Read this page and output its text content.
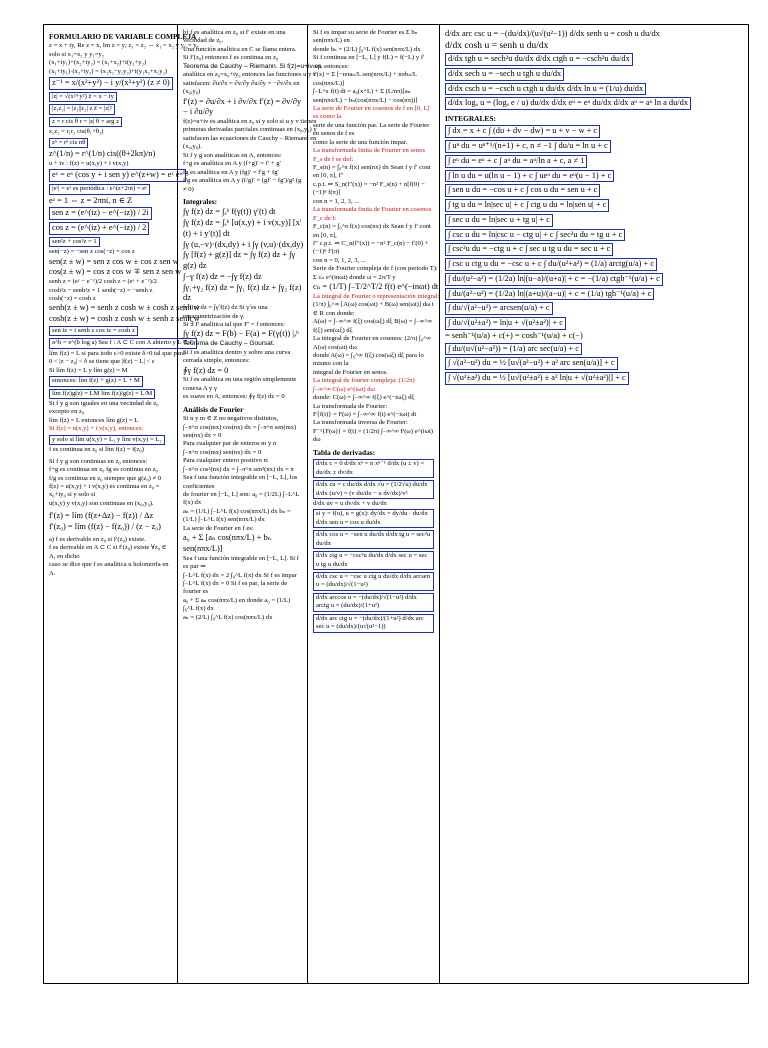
FORMULARIO DE VARIABLE COMPLEJA
z = x + iy, Re z = x, Im z = y; z₁ = z₂ ⇔ x₁ = x₂ y y₁ = y₂
solo si x₁=x₂ y y₁=y₂
(x₁+iy₁)+(x₂+iy₂) = (x₁+x₂)+i(y₁+y₂)
(x₁+iy₁)·(x₂+iy₂) = (x₁x₂−y₁y₂)+i(y₁x₂+x₁y₂)
z⁻¹ = x/(x²+y²) − i y/(x²+y²) (z ≠ 0)
|z| = √(x²+y²) z̄ = x − iy
|z₁z₂| = |z₁||z₂| z z̄ = |z|²
z = r cis θ r = |z| θ = arg z
z₁z₂ = r₁r₂ cis(θ₁+θ₂)
zⁿ = rⁿ cis nθ
z^(1/n) = r^(1/n) cis((θ+2kπ)/n)
u + iv : f(z) = u(x,y) + i v(x,y)
eᶻ = eˣ (cos y + i sen y) e^(z+w) = eᶻ eʷ
|eᶻ| = eˣ es periódica : e^(z+2πi) = eᶻ
eᶻ = 1 ⇔ z = 2πni, n ∈ Z
sen z = (e^(iz) − e^(−iz)) / 2i
cos z = (e^(iz) + e^(−iz)) / 2
sen²z + cos²z = 1
sen(−z) = −sen z cos(−z) = cos z
sen(z ± w) = sen z cos w ± cos z sen w
cos(z ± w) = cos z cos w ∓ sen z sen w
senh z = (eᶻ − e⁻ᶻ)/2 cosh z = (eᶻ + e⁻ᶻ)/2
cosh²z − senh²z = 1 senh(−z) = −senh z
cosh(−z) = cosh z
senh(z ± w) = senh z cosh w ± cosh z senh w
cosh(z ± w) = cosh z cosh w ± senh z senh w
sen iz = i senh z cos iz = cosh z
a^b = e^(b log a) Sea f : A ⊂ C con A abierto y L ∈ C
lím f(z) = L si para todo ε>0 existe δ>0 tal que para
0 < |z − z₀| < δ se tiene que |f(z) − L| < ε
Si lím f(z) = L y lím g(z) = M
entonces: lím f(z) + g(z) = L + M
lím f(z)g(z) = LM lím f(z)/g(z) = L/M
Si f y g son iguales en una vecindad de z₀ excepto en z₀
lím f(z) = L entonces lím g(z) = L
Si f(z) = u(x,y) + i v(x,y), entonces:
y solo si lím u(x,y) = L₁ y lím v(x,y) = L₂
f es continua en z₀ si lím f(z) = f(z₀)
Si f y g son continuas en z₀ entonces:
f+g es continua en z₀ fg es continua en z₀
f/g es continua en z₀ siempre que g(z₀) ≠ 0
f(z) = u(x,y) + i v(x,y) es continua en z₀ = x₀+iy₀ si y solo si
u(x,y) y v(x,y) son continuas en (x₀,y₀).
f′(z) = lím (f(z+Δz) − f(z)) / Δz
f′(z₀) = lím (f(z) − f(z₀)) / (z − z₀)
a) f es derivable en z₀ si f′(z₀) existe.
f es derivable en A ⊂ C si f′(z₀) existe ∀z₀ ∈ A, en dicho
caso se dice que f es analítica u holomorfa en A.
b) f es analítica en z₀ si f′ existe en una vecindad de z₀.
Una función analítica en C se llama entera.
Si f′(z₀) entonces f es continua en z₀
Teorema de Cauchy – Riemann. Si f(z)=u+iv es
analítica en z₀=x₀+iy₀ entonces las funciones u y v
satisfacen: ∂u/∂x = ∂v/∂y ∂u/∂y = −∂v/∂x en (x₀,y₀)
f′(z) = ∂u/∂x + i ∂v/∂x f′(z) = ∂v/∂y − i ∂u/∂y
f(z)=u+iv es analítica en z₀ si y solo si u y v tienen
primeras derivadas parciales continuas en (x₀,y₀) y
satisfacen las ecuaciones de Cauchy – Riemann en
(x₀,y₀).
Si f y g son analíticas en A, entonces:
f+g es analítica en A y (f+g)′ = f′ + g′
fg es analítica en A y (fg)′ = f′g + fg′
f/g es analítica en A y (f/g)′ = (gf′ − fg′)/g² (g ≠ 0)
Integrales:
∫γ f(z) dz = ∫ₐᵇ f(γ(t)) γ′(t) dt
∫γ f(z) dz = ∫ₐᵇ [u(x,y) + i v(x,y)] [x′(t) + i y′(t)] dt
∫γ (u,−v)·(dx,dy) + i ∫γ (v,u)·(dx,dy)
∫γ [f(z) + g(z)] dz = ∫γ f(z) dz + ∫γ g(z) dz
∫−γ f(z) dz = −∫γ f(z) dz
∫γ₁+γ₂ f(z) dz = ∫γ₁ f(z) dz + ∫γ₂ f(z) dz
∫γ f(z) dz = ∫γ̃ f(z) dz Si γ̃ es una reparametrización de γ.
Si ∃ F analítica tal que F′ = f entonces:
∫γ f(z) dz = F(b) − F(a) = F(γ(t)) |ₐᵇ
Teorema de Cauchy – Goursat.
Si f es analítica dentro y sobre una curva cerrada simple, entonces:
∮γ f(z) dz = 0
Si f es analítica en una región simplemente conexa A y γ
es suave en A, entonces: ∮γ f(z) dz = 0
Análisis de Fourier
Si n y m ∈ Z no negativos distintos,
∫₋π^π cos(mx) cos(nx) dx = ∫₋π^π sen(mx) sen(nx) dx = 0
Para cualquier par de enteros m y n
∫₋π^π cos(mx) sen(nx) dx = 0
Para cualquier entero positivo n:
∫₋π^π cos²(nx) dx = ∫₋π^π sen²(nx) dx = π
Sea f una función integrable en [−L, L], los coeficientes
de fourier en [−L, L] son: a₀ = (1/2L) ∫₋L^L f(x) dx
aₙ = (1/L) ∫₋L^L f(x) cos(nπx/L) dx bₙ = (1/L) ∫₋L^L f(x) sen(nπx/L) dx
La serie de Fourier en f es:
a₀ + Σ [aₙ cos(nπx/L) + bₙ sen(nπx/L)]
Sea f una función integrable en [−L, L]. Si f es par ⇒
∫₋L^L f(x) dx = 2 ∫₀^L f(x) dx Si f es impar
∫₋L^L f(x) dx = 0 Si f es par, la serie de fourier es
a₀ + Σ aₙ cos(nπx/L) en donde a₀ = (1/L) ∫₀^L f(x) dx
aₙ = (2/L) ∫₀^L f(x) cos(nπx/L) dx
Si f es impar su serie de Fourier es Σ bₙ sen(nπx/L) en
donde bₙ = (2/L) ∫₀^L f(x) sen(nπx/L) dx
Si f continua en [−L, L] y f(L) = f(−L) y f′ c.p. entonces:
f′(x) = Σ [−nπaₙ/L sen(nπx/L) + nπbₙ/L cos(nπx/L)]
∫₋L^x f(t) dt = a₀(x+L) + Σ (L/nπ)[aₙ sen(nπx/L) − bₙ(cos(nπx/L) − cos(nπ))]
La serie de Fourier en cosenos de f en [0, L] es como la
serie de una función par. La serie de Fourier en senos de f es
como la serie de una función impar.
La transformada finita de Fourier en senos F_s de f se def:
F_s(n) = ∫₀^π f(x) sen(nx) dx Sean f y f′ cont en [0, π], f″
c.p.t. ⇒ S_n(f″(x)) = −n² F_s(n) + n[f(0) − (−1)ⁿ f(π)]
con n = 1, 2, 3, ...
La transformada finita de Fourier en cosenos F_c de f:
F_c(n) = ∫₀^π f(x) cos(nx) dx Sean f y f′ cont en [0, π],
f″ c.p.t. ⇒ C_n(f″(x)) = −n² F_c(n) − f′(0) + (−1)ⁿ f′(π)
con n = 0, 1, 2, 3, ...
Serie de Fourier compleja de f (con periodo T):
Σ cₙ e^(inωt) donde ω = 2π/T y
cₙ = (1/T) ∫₋T/2^T/2 f(t) e^(−inωt) dt
La integral de Fourier o representación integral:
(1/π) ∫₀^∞ [A(ω) cos(ωt) + B(ω) sen(ωt)] dω t ∈ R con donde:
A(ω) = ∫₋∞^∞ f(ξ) cos(ωξ) dξ B(ω) = ∫₋∞^∞ f(ξ) sen(ωξ) dξ
La integral de Fourier en cosenos: (2/π) ∫₀^∞ A(ω) cos(ωt) dω
donde A(ω) = ∫₀^∞ f(ξ) cos(ωξ) dξ para lo mismo con la
integral de Fourier en senos.
La integral de fourier compleja: (1/2π) ∫₋∞^∞ C(ω) e^(iωt) dω
donde: C(ω) = ∫₋∞^∞ f(ξ) e^(−iωξ) dξ
La transformada de Fourier:
F{f(t)} = F(ω) = ∫₋∞^∞ f(t) e^(−iωt) dt
La transformada inversa de Fourier:
F⁻¹{F(ω)} = f(t) = (1/2π) ∫₋∞^∞ F(ω) e^(iωt) dω
Tabla de derivadas:
d/dx c = 0 d/dx xⁿ = n xⁿ⁻¹ d/dx (u ± v) = du/dx ± dv/dx
d/dx cu = c du/dx d/dx √u = (1/2√u) du/dx d/dx (u/v) = (v du/dx − u dv/dx)/v²
d/dx uv = u dv/dx + v du/dx
si y = f(u), u = g(x): dy/dx = dy/du · du/dx d/dx sen u = cos u du/dx
d/dx cos u = −sen u du/dx d/dx tg u = sec²u du/dx
d/dx ctg u = −csc²u du/dx d/dx sec u = sec u tg u du/dx
d/dx csc u = −csc u ctg u du/dx d/dx arcsen u = (du/dx)/√(1−u²)
d/dx arccos u = −(du/dx)/√(1−u²) d/dx arctg u = (du/dx)/(1+u²)
d/dx arc ctg u = −(du/dx)/(1+u²) d/dx arc sec u = (du/dx)/(u√(u²−1))
d/dx arc csc u = −(du/dx)/(u√(u²−1)) d/dx senh u = cosh u du/dx
d/dx cosh u = senh u du/dx
d/dx tgh u = sech²u du/dx d/dx ctgh u = −csch²u du/dx
d/dx sech u = −sech u tgh u du/dx
d/dx csch u = −csch u ctgh u du/dx d/dx ln u = (1/u) du/dx
d/dx logₐ u = (logₐ e / u) du/dx d/dx eᵘ = eᵘ du/dx d/dx aᵘ = aᵘ ln a du/dx
INTEGRALES:
∫ dx = x + c ∫ (du + dv − dw) = u + v − w + c
∫ uⁿ du = uⁿ⁺¹/(n+1) + c, n ≠ −1 ∫ du/u = ln u + c
∫ eᵘ du = eᵘ + c ∫ aᵘ du = aᵘ/ln a + c, a ≠ 1
∫ ln u du = u(ln u − 1) + c ∫ ueᵘ du = eᵘ(u − 1) + c
∫ sen u du = −cos u + c ∫ cos u du = sen u + c
∫ tg u du = ln|sec u| + c ∫ ctg u du = ln|sen u| + c
∫ sec u du = ln|sec u + tg u| + c
∫ csc u du = ln|csc u − ctg u| + c ∫ sec²u du = tg u + c
∫ csc²u du = −ctg u + c ∫ sec u tg u du = sec u + c
∫ csc u ctg u du = −csc u + c ∫ du/(u²+a²) = (1/a) arctg(u/a) + c
∫ du/(u²−a²) = (1/2a) ln|(u−a)/(u+a)| + c = −(1/a) ctgh⁻¹(u/a) + c
∫ du/(a²−u²) = (1/2a) ln|(a+u)/(a−u)| + c = (1/a) tgh⁻¹(u/a) + c
∫ du/√(a²−u²) = arcsen(u/a) + c
∫ du/√(u²±a²) = ln|u + √(u²±a²)| + c
= senh⁻¹(u/a) + c(+) = cosh⁻¹(u/a) + c(−)
∫ du/(u√(u²−a²)) = (1/a) arc sec(u/a) + c
∫ √(a²−u²) du = ½ [u√(a²−u²) + a² arc sen(u/a)] + c
∫ √(u²±a²) du = ½ [u√(u²±a²) ± a² ln|u + √(u²±a²)|] + c
